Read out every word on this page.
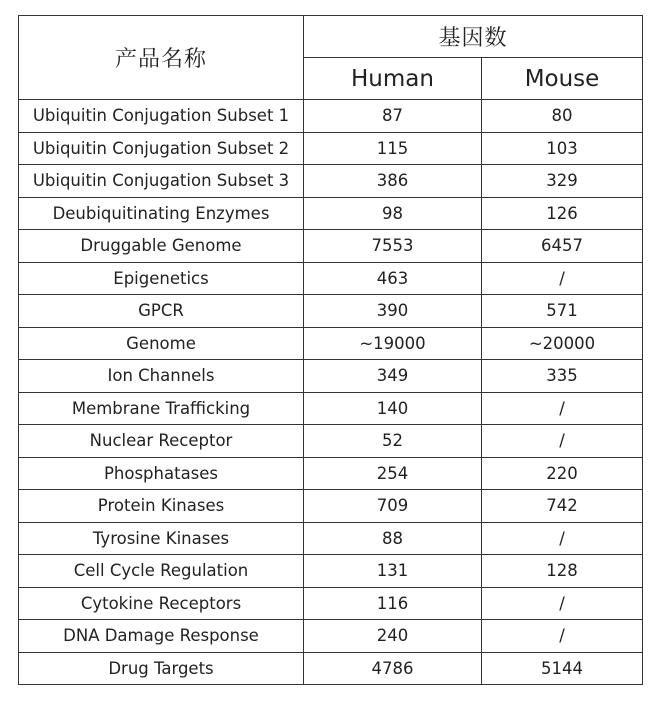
产品名称	基因数	
	Human	Mouse
Ubiquitin Conjugation Subset 1	87	80
Ubiquitin Conjugation Subset 2	115	103
Ubiquitin Conjugation Subset 3	386	329
Deubiquitinating Enzymes	98	126
Druggable Genome	7553	6457
Epigenetics	463	/
GPCR	390	571
Genome	~19000	~20000
Ion Channels	349	335
Membrane Trafficking	140	/
Nuclear Receptor	52	/
Phosphatases	254	220
Protein Kinases	709	742
Tyrosine Kinases	88	/
Cell Cycle Regulation	131	128
Cytokine Receptors	116	/
DNA Damage Response	240	/
Drug Targets	4786	5144
